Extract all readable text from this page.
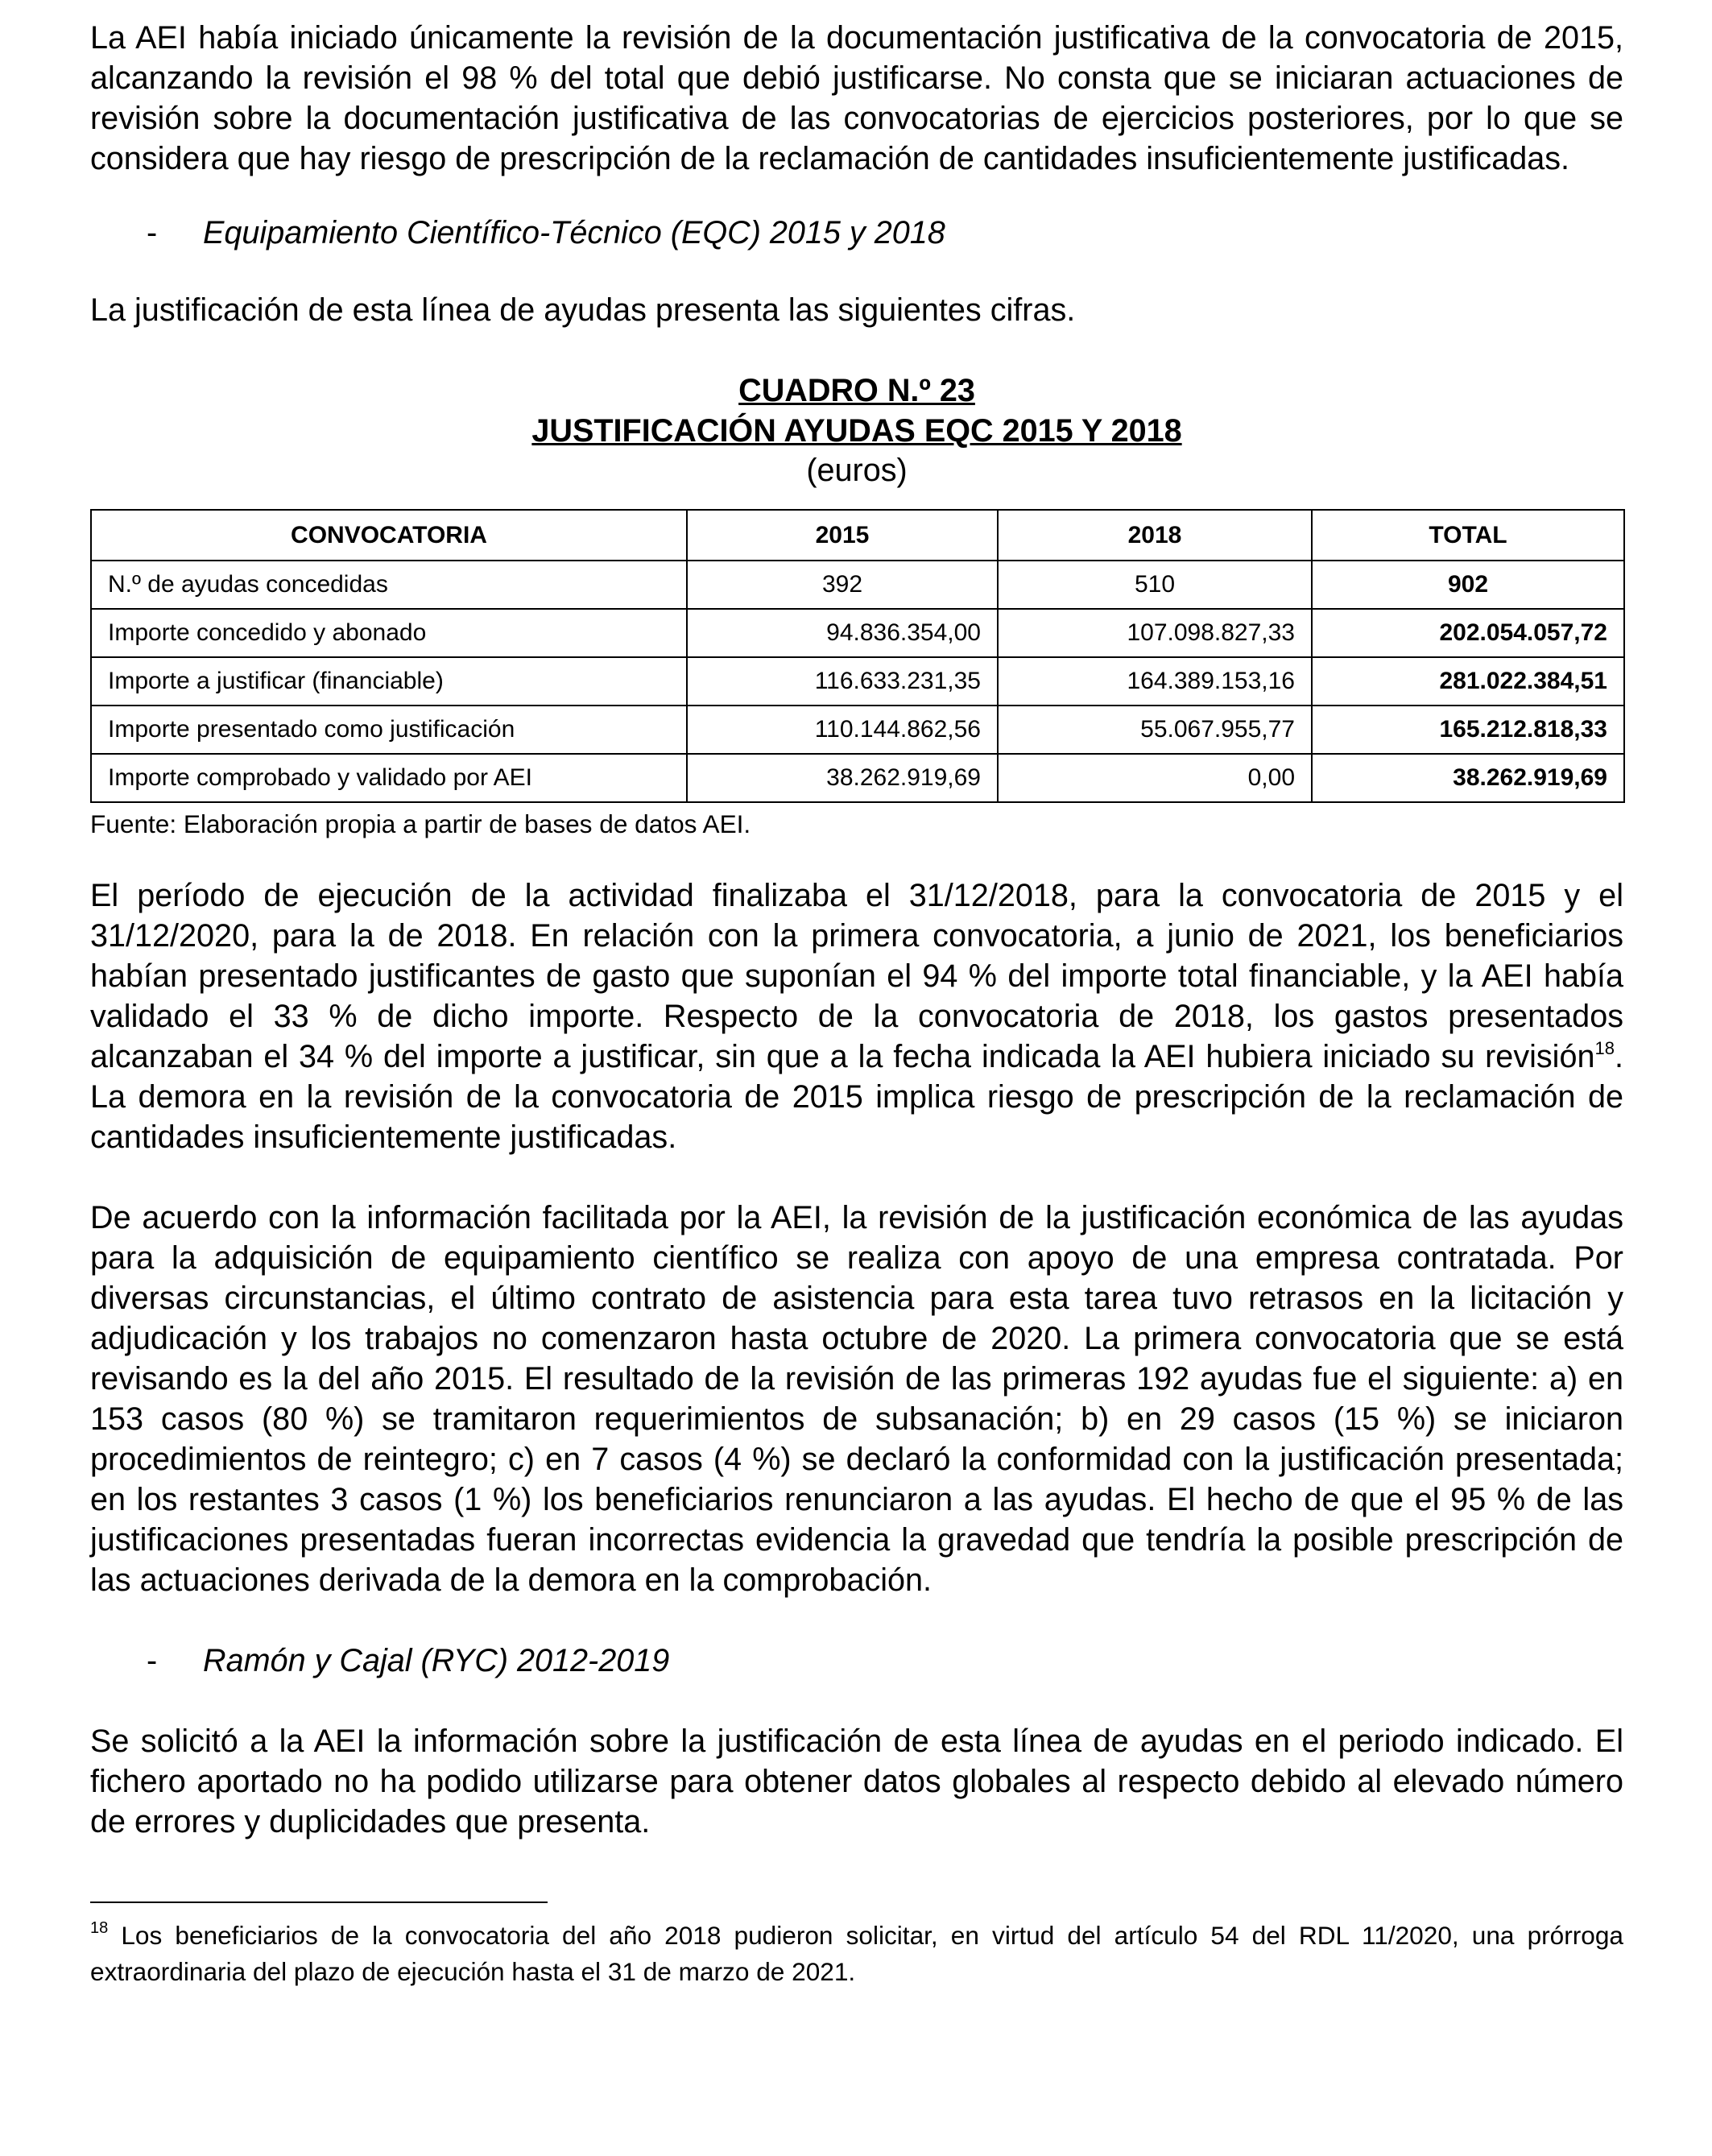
La AEI había iniciado únicamente la revisión de la documentación justificativa de la convocatoria de 2015, alcanzando la revisión el 98 % del total que debió justificarse. No consta que se iniciaran actuaciones de revisión sobre la documentación justificativa de las convocatorias de ejercicios posteriores, por lo que se considera que hay riesgo de prescripción de la reclamación de cantidades insuficientemente justificadas.

-	Equipamiento Científico-Técnico (EQC) 2015 y 2018

La justificación de esta línea de ayudas presenta las siguientes cifras.

CUADRO N.º 23
JUSTIFICACIÓN AYUDAS EQC 2015 Y 2018
(euros)
CONVOCATORIA	2015	2018	TOTAL
N.º de ayudas concedidas	392	510	902
Importe concedido y abonado	94.836.354,00	107.098.827,33	202.054.057,72
Importe a justificar (financiable)	116.633.231,35	164.389.153,16	281.022.384,51
Importe presentado como justificación	110.144.862,56	55.067.955,77	165.212.818,33
Importe comprobado y validado por AEI	38.262.919,69	0,00	38.262.919,69

Fuente: Elaboración propia a partir de bases de datos AEI.

El período de ejecución de la actividad finalizaba el 31/12/2018, para la convocatoria de 2015 y el 31/12/2020, para la de 2018. En relación con la primera convocatoria, a junio de 2021, los beneficiarios habían presentado justificantes de gasto que suponían el 94 % del importe total financiable, y la AEI había validado el 33 % de dicho importe. Respecto de la convocatoria de 2018, los gastos presentados alcanzaban el 34 % del importe a justificar, sin que a la fecha indicada la AEI hubiera iniciado su revisión$^{18}$. La demora en la revisión de la convocatoria de 2015 implica riesgo de prescripción de la reclamación de cantidades insuficientemente justificadas.

De acuerdo con la información facilitada por la AEI, la revisión de la justificación económica de las ayudas para la adquisición de equipamiento científico se realiza con apoyo de una empresa contratada. Por diversas circunstancias, el último contrato de asistencia para esta tarea tuvo retrasos en la licitación y adjudicación y los trabajos no comenzaron hasta octubre de 2020. La primera convocatoria que se está revisando es la del año 2015. El resultado de la revisión de las primeras 192 ayudas fue el siguiente: a) en 153 casos (80 %) se tramitaron requerimientos de subsanación; b) en 29 casos (15 %) se iniciaron procedimientos de reintegro; c) en 7 casos (4 %) se declaró la conformidad con la justificación presentada; en los restantes 3 casos (1 %) los beneficiarios renunciaron a las ayudas. El hecho de que el 95 % de las justificaciones presentadas fueran incorrectas evidencia la gravedad que tendría la posible prescripción de las actuaciones derivada de la demora en la comprobación.

-	Ramón y Cajal (RYC) 2012-2019

Se solicitó a la AEI la información sobre la justificación de esta línea de ayudas en el periodo indicado. El fichero aportado no ha podido utilizarse para obtener datos globales al respecto debido al elevado número de errores y duplicidades que presenta.

$^{18}$ Los beneficiarios de la convocatoria del año 2018 pudieron solicitar, en virtud del artículo 54 del RDL 11/2020, una prórroga extraordinaria del plazo de ejecución hasta el 31 de marzo de 2021.
